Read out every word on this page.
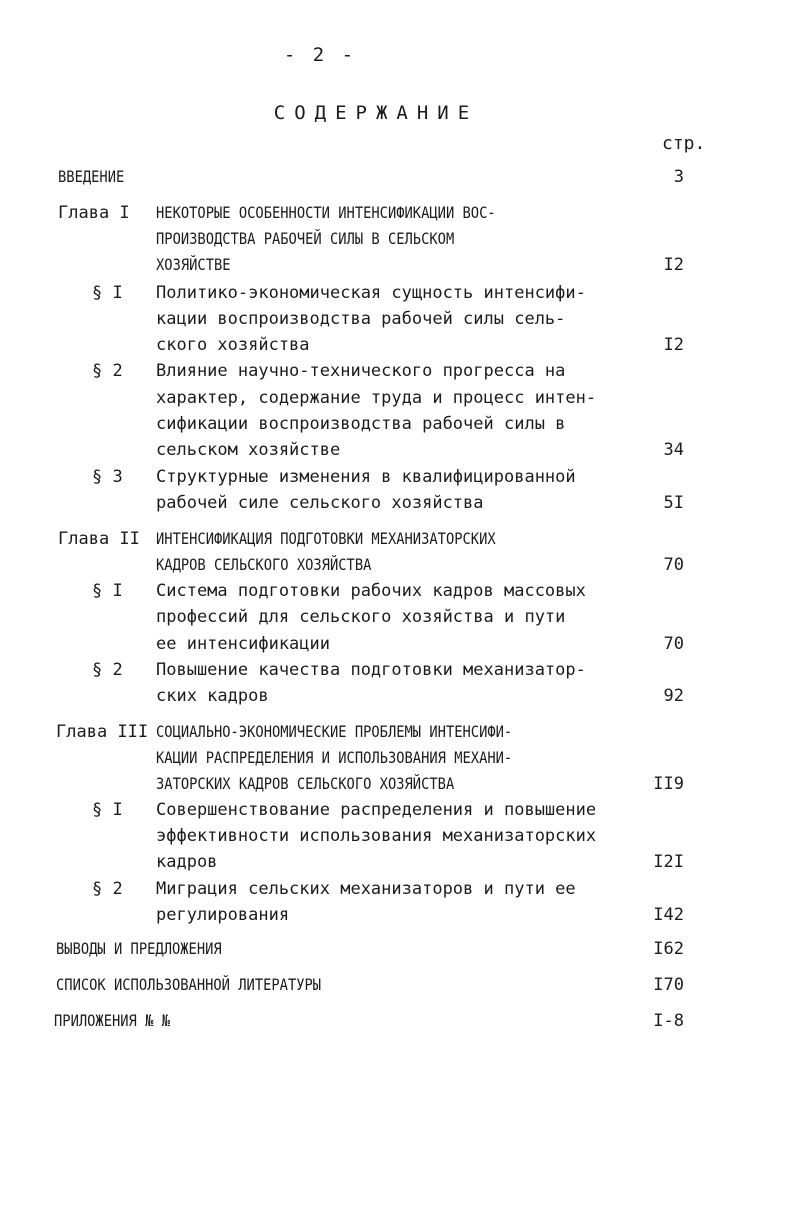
- 2 -
СОДЕРЖАНИЕ
стр.
ВВЕДЕНИЕ	3
Глава I НЕКОТОРЫЕ ОСОБЕННОСТИ ИНТЕНСИФИКАЦИИ ВОС-
ПРОИЗВОДСТВА РАБОЧЕЙ СИЛЫ В СЕЛЬСКОМ
ХОЗЯЙСТВЕ	I2
§ I Политико-экономическая сущность интенсифи-
кации воспроизводства рабочей силы сель-
ского хозяйства	I2
§ 2 Влияние научно-технического прогресса на
характер, содержание труда и процесс интен-
сификации воспроизводства рабочей силы в
сельском хозяйстве	34
§ 3 Структурные изменения в квалифицированной
рабочей силе сельского хозяйства	5I
Глава II ИНТЕНСИФИКАЦИЯ ПОДГОТОВКИ МЕХАНИЗАТОРСКИХ
КАДРОВ СЕЛЬСКОГО ХОЗЯЙСТВА	70
§ I Система подготовки рабочих кадров массовых
профессий для сельского хозяйства и пути
ее интенсификации	70
§ 2 Повышение качества подготовки механизатор-
ских кадров	92
Глава III СОЦИАЛЬНО-ЭКОНОМИЧЕСКИЕ ПРОБЛЕМЫ ИНТЕНСИФИ-
КАЦИИ РАСПРЕДЕЛЕНИЯ И ИСПОЛЬЗОВАНИЯ МЕХАНИ-
ЗАТОРСКИХ КАДРОВ СЕЛЬСКОГО ХОЗЯЙСТВА	II9
§ I Совершенствование распределения и повышение
эффективности использования механизаторских
кадров	I2I
§ 2 Миграция сельских механизаторов и пути ее
регулирования	I42
ВЫВОДЫ И ПРЕДЛОЖЕНИЯ	I62
СПИСОК ИСПОЛЬЗОВАННОЙ ЛИТЕРАТУРЫ	I70
ПРИЛОЖЕНИЯ № №	I-8
